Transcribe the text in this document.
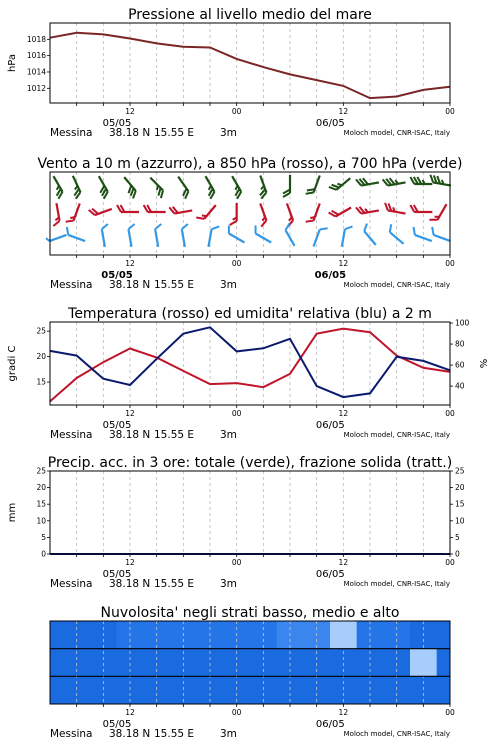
Pressione al livello medio del mare
1012
1014
1016
1018
hPa
12	00	12	00
05/05	06/05
Messina 38.18 N 15.55 E 3m	Moloch model, CNR-ISAC, Italy
Vento a 10 m (azzurro), a 850 hPa (rosso), a 700 hPa (verde)
12	00	12	00
05/05	06/05
Messina 38.18 N 15.55 E 3m	Moloch model, CNR-ISAC, Italy
Temperatura (rosso) ed umidita' relativa (blu) a 2 m
15
20
25
40
60
80
100
gradi C	%
12	00	12	00
05/05	06/05
Messina 38.18 N 15.55 E 3m	Moloch model, CNR-ISAC, Italy
Precip. acc. in 3 ore: totale (verde), frazione solida (tratt.)
0
5
10
15
20
25
0
5
10
15
20
25
mm
12	00	12	00
05/05	06/05
Messina 38.18 N 15.55 E 3m	Moloch model, CNR-ISAC, Italy
Nuvolosita' negli strati basso, medio e alto
12	00	12	00
05/05	06/05
Messina 38.18 N 15.55 E 3m	Moloch model, CNR-ISAC, Italy
